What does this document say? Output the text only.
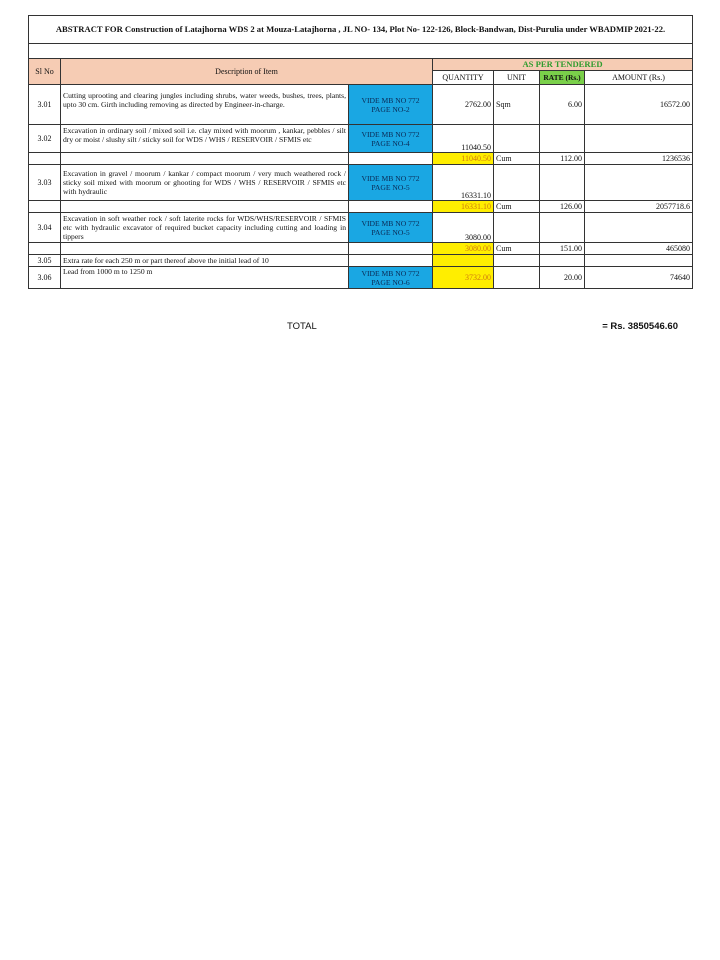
ABSTRACT FOR Construction of Latajhorna WDS 2 at Mouza-Latajhorna , JL NO- 134, Plot No- 122-126, Block-Bandwan, Dist-Purulia under WBADMIP 2021-22.						

Sl No	Description of Item		AS PER TENDERED			
			QUANTITY	UNIT	RATE (Rs.)	AMOUNT (Rs.)
3.01	Cutting uprooting and clearing jungles including shrubs, water weeds, bushes, trees, plants, upto 30 cm. Girth including removing as directed by Engineer-in-charge.	VIDE MB NO 772 PAGE NO-2	2762.00	Sqm	6.00	16572.00
3.02	Excavation in ordinary soil / mixed soil i.e. clay mixed with moorum , kankar, pebbles / silt dry or moist / slushy silt / sticky soil for WDS / WHS / RESERVOIR / SFMIS etc	VIDE MB NO 772 PAGE NO-4	11040.50			
			11040.50	Cum	112.00	1236536
3.03	Excavation in gravel / moorum / kankar / compact moorum / very much weathered rock / sticky soil mixed with moorum or ghooting for WDS / WHS / RESERVOIR / SFMIS etc with hydraulic	VIDE MB NO 772 PAGE NO-5	16331.10			
			16331.10	Cum	126.00	2057718.6
3.04	Excavation in soft weather rock / soft laterite rocks for WDS/WHS/RESERVOIR / SFMIS etc with hydraulic excavator of required bucket capacity including cutting and loading in tippers	VIDE MB NO 772 PAGE NO-5	3080.00			
			3080.00	Cum	151.00	465080
3.05	Extra rate for each 250 m or part thereof above the initial lead of 10					

3.06	Lead from 1000 m to 1250 m	VIDE MB NO 772 PAGE NO-6	3732.00		20.00	74640
TOTAL	= Rs. 3850546.60
